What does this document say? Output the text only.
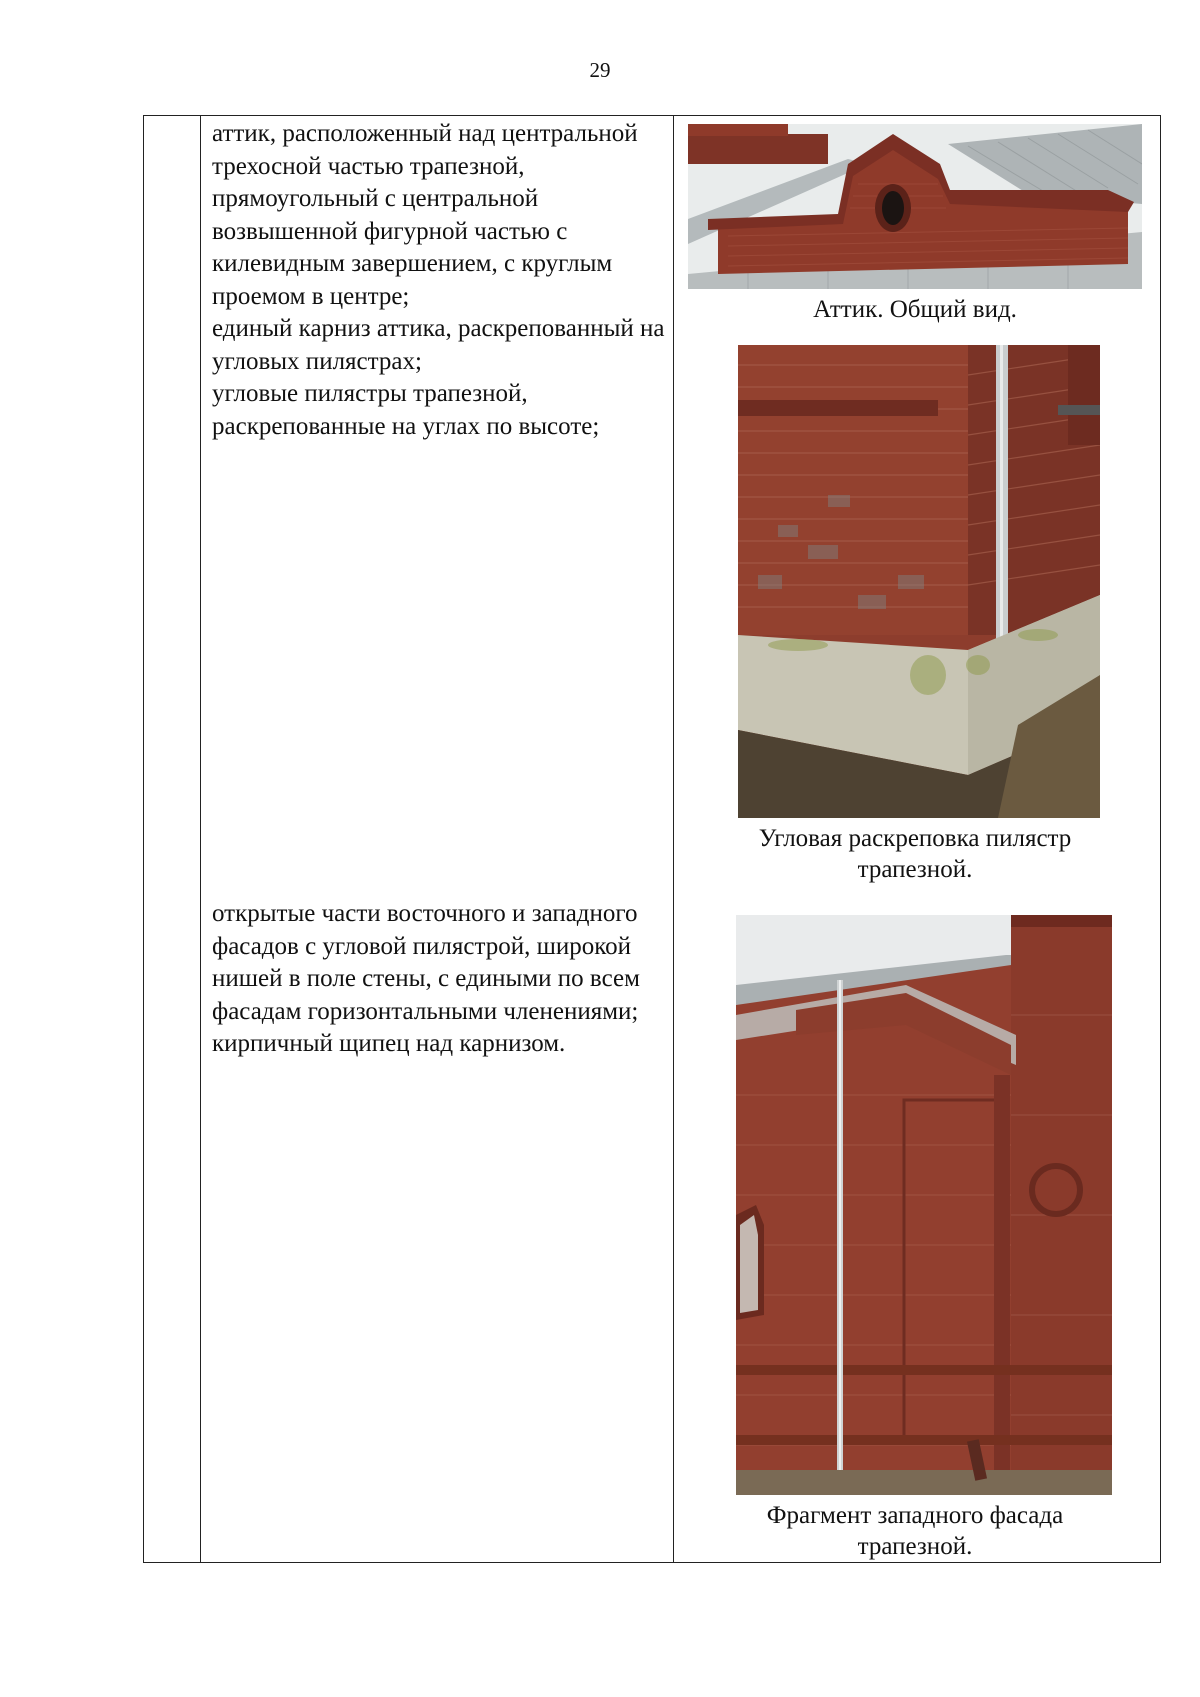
29

аттик, расположенный над центральной трехосной частью трапезной, прямоугольный с центральной возвышенной фигурной частью с килевидным завершением, с круглым проемом в центре;

единый карниз аттика, раскрепованный на угловых пилястрах;

угловые пилястры трапезной, раскрепованные на углах по высоте;

открытые части восточного и западного фасадов с угловой пилястрой, широкой нишей в поле стены, с едиными по всем фасадам горизонтальными членениями;

кирпичный щипец над карнизом.

Аттик. Общий вид.
Угловая раскреповка пилястр
трапезной.
Фрагмент западного фасада
трапезной.
